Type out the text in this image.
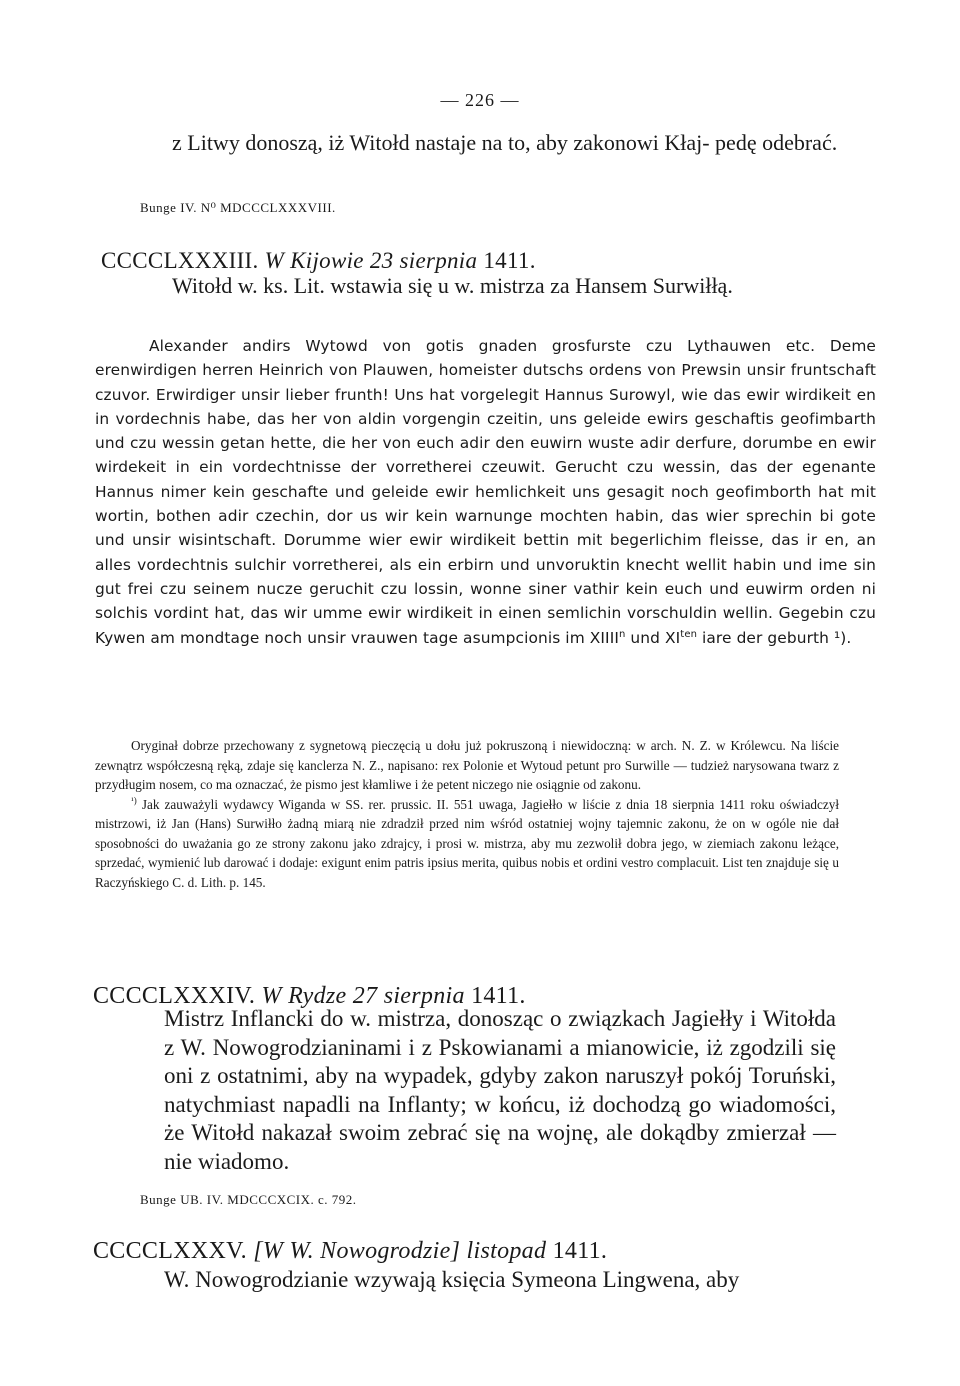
— 226 —
z Litwy donoszą, iż Witołd nastaje na to, aby zakonowi Kłaj- pedę odebrać.
Bunge IV. N⁰ MDCCCLXXXVIII.
CCCCLXXXIII. W Kijowie 23 sierpnia 1411.
Witołd w. ks. Lit. wstawia się u w. mistrza za Hansem Surwiłłą.
Alexander andirs Wytowd von gotis gnaden grosfurste czu Lythauwen etc. Deme erenwirdigen herren Heinrich von Plauwen, homeister dutschs ordens von Prewsin unsir fruntschaft czuvor. Erwirdiger unsir lieber frunth! Uns hat vorgelegit Hannus Surowyl, wie das ewir wirdikeit en in vordechnis habe, das her von aldin vorgengin czeitin, uns geleide ewirs geschaftis geofimbarth und czu wessin getan hette, die her von euch adir den euwirn wuste adir derfure, dorumbe en ewir wirdekeit in ein vordechtnisse der vorretherei czeuwit. Gerucht czu wessin, das der egenante Hannus nimer kein geschafte und geleide ewir hemlichkeit uns gesagit noch geofimborth hat mit wortin, bothen adir czechin, dor us wir kein warnunge mochten habin, das wier sprechin bi gote und unsir wisintschaft. Dorumme wier ewir wirdikeit bettin mit begerlichim fleisse, das ir en, an alles vordechtnis sulchir vorretherei, als ein erbirn und unvoruktin knecht wellit habin und ime sin gut frei czu seinem nucze geruchit czu lossin, wonne siner vathir kein euch und euwirm orden ni solchis vordint hat, das wir umme ewir wirdikeit in einen semlichin vorschuldin wellin. Gegebin czu Kywen am mondtage noch unsir vrauwen tage asumpcionis im XIIII$^n$ und $XI^{ten}$ iare der geburth ¹).

Oryginał dobrze przechowany z sygnetową pieczęcią u dołu już pokruszoną i niewidoczną: w arch. N. Z. w Królewcu. Na liście zewnątrz współczesną ręką, zdaje się kanclerza N. Z., napisano: rex Polonie et Wytoud petunt pro Surwille — tudzież narysowana twarz z przydługim nosem, co ma oznaczać, że pismo jest kłamliwe i że petent niczego nie osiągnie od zakonu.

$^{^1)}$ Jak zauważyli wydawcy Wiganda w SS. rer. prussic. II. 551 uwaga, Jagiełło w liście z dnia 18 sierpnia 1411 roku oświadczył mistrzowi, iż Jan (Hans) Surwiłło żadną miarą nie zdradził przed nim wśród ostatniej wojny tajemnic zakonu, że on w ogóle nie dał sposobności do uważania go ze strony zakonu jako zdrajcy, i prosi w. mistrza, aby mu zezwolił dobra jego, w ziemiach zakonu leżące, sprzedać, wymienić lub darować i dodaje: exigunt enim patris ipsius merita, quibus nobis et ordini vestro complacuit. List ten znajduje się u Raczyńskiego C. d. Lith. p. 145.

CCCCLXXXIV. W Rydze 27 sierpnia 1411.
Mistrz Inflancki do w. mistrza, donosząc o związkach Jagiełły i Witołda z W. Nowogrodzianinami i z Pskowianami a mianowicie, iż zgodzili się oni z ostatnimi, aby na wypadek, gdyby zakon naruszył pokój Toruński, natychmiast napadli na Inflanty; w końcu, iż dochodzą go wiadomości, że Witołd nakazał swoim zebrać się na wojnę, ale dokądby zmierzał — nie wiadomo.
Bunge UB. IV. MDCCCXCIX. c. 792.
CCCCLXXXV. [W W. Nowogrodzie] listopad 1411.
W. Nowogrodzianie wzywają księcia Symeona Lingwena, aby
